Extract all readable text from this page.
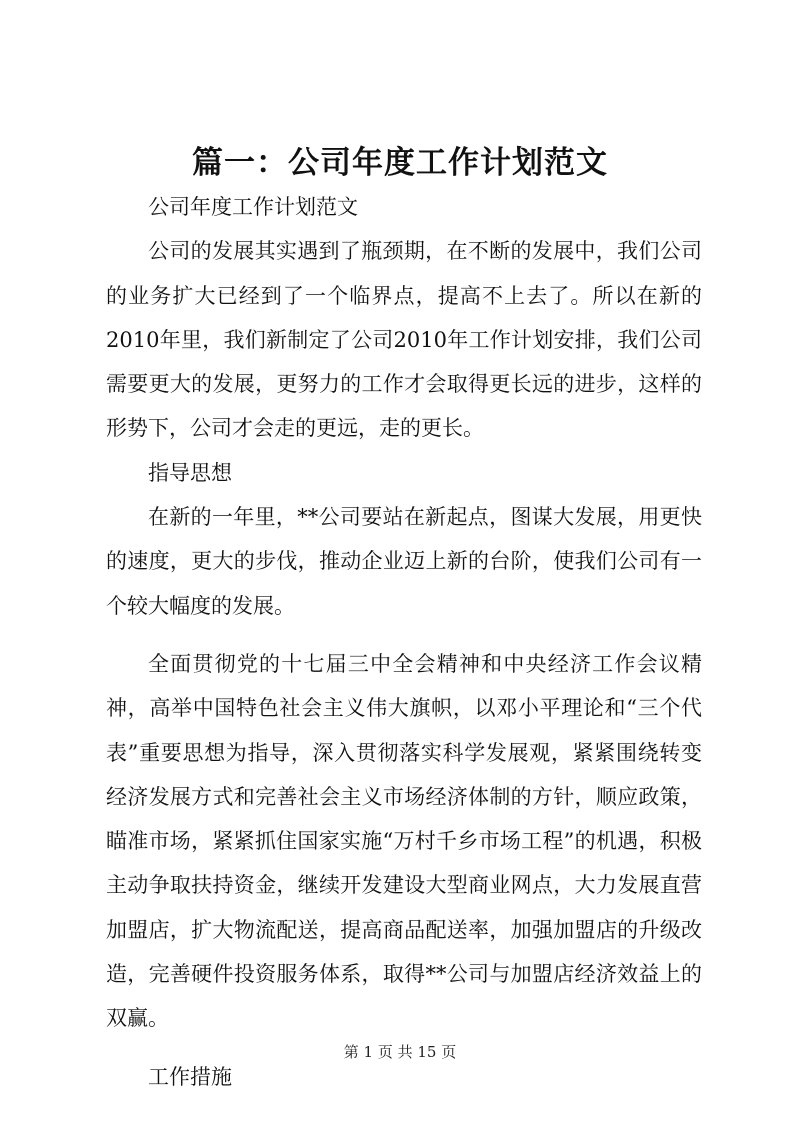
篇一：公司年度工作计划范文

公司年度工作计划范文

公司的发展其实遇到了瓶颈期，在不断的发展中，我们公司的业务扩大已经到了一个临界点，提高不上去了。所以在新的2010年里，我们新制定了公司2010年工作计划安排，我们公司需要更大的发展，更努力的工作才会取得更长远的进步，这样的形势下，公司才会走的更远，走的更长。

指导思想

在新的一年里，**公司要站在新起点，图谋大发展，用更快的速度，更大的步伐，推动企业迈上新的台阶，使我们公司有一个较大幅度的发展。

全面贯彻党的十七届三中全会精神和中央经济工作会议精神，高举中国特色社会主义伟大旗帜，以邓小平理论和“三个代表”重要思想为指导，深入贯彻落实科学发展观，紧紧围绕转变经济发展方式和完善社会主义市场经济体制的方针，顺应政策，瞄准市场，紧紧抓住国家实施“万村千乡市场工程”的机遇，积极主动争取扶持资金，继续开发建设大型商业网点，大力发展直营加盟店，扩大物流配送，提高商品配送率，加强加盟店的升级改造，完善硬件投资服务体系，取得**公司与加盟店经济效益上的双赢。

工作措施

第 1 页 共 15 页
